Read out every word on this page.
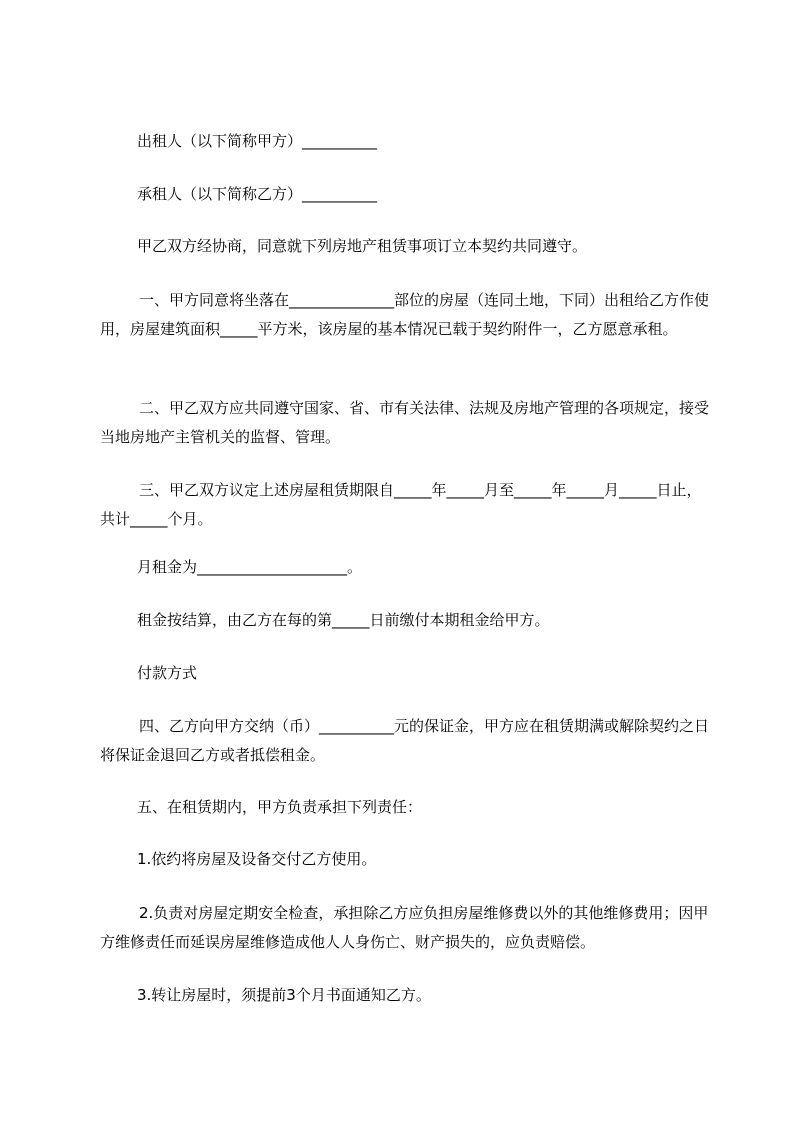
出租人（以下简称甲方）__________

承租人（以下简称乙方）__________

甲乙双方经协商，同意就下列房地产租赁事项订立本契约共同遵守。

一、甲方同意将坐落在______________部位的房屋（连同土地，下同）出租给乙方作使用，房屋建筑面积_____平方米，该房屋的基本情况已载于契约附件一，乙方愿意承租。

二、甲乙双方应共同遵守国家、省、市有关法律、法规及房地产管理的各项规定，接受当地房地产主管机关的监督、管理。

三、甲乙双方议定上述房屋租赁期限自_____年_____月至_____年_____月_____日止，共计_____个月。

月租金为____________________。

租金按结算，由乙方在每的第_____日前缴付本期租金给甲方。

付款方式

四、乙方向甲方交纳（币）__________元的保证金，甲方应在租赁期满或解除契约之日将保证金退回乙方或者抵偿租金。

五、在租赁期内，甲方负责承担下列责任：

1.依约将房屋及设备交付乙方使用。

2.负责对房屋定期安全检查，承担除乙方应负担房屋维修费以外的其他维修费用；因甲方维修责任而延误房屋维修造成他人人身伤亡、财产损失的，应负责赔偿。

3.转让房屋时，须提前3个月书面通知乙方。
